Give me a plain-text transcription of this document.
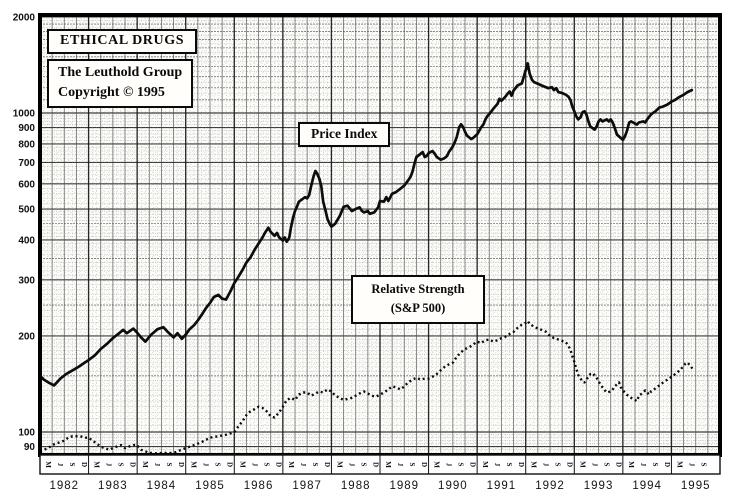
2000
1000
900
800
700
600
500
400
300
200
100
90
M J S D M J S D M J S D M J S D M J S D M J S D M J S D M J S D M J S D M J S D M J S D M J S D M J S D M J S
1982 1983 1984 1985 1986 1987 1988 1989 1990 1991 1992 1993 1994 1995
ETHICAL DRUGS
The Leuthold Group
Copyright © 1995
Price Index
Relative Strength
(S&P 500)
